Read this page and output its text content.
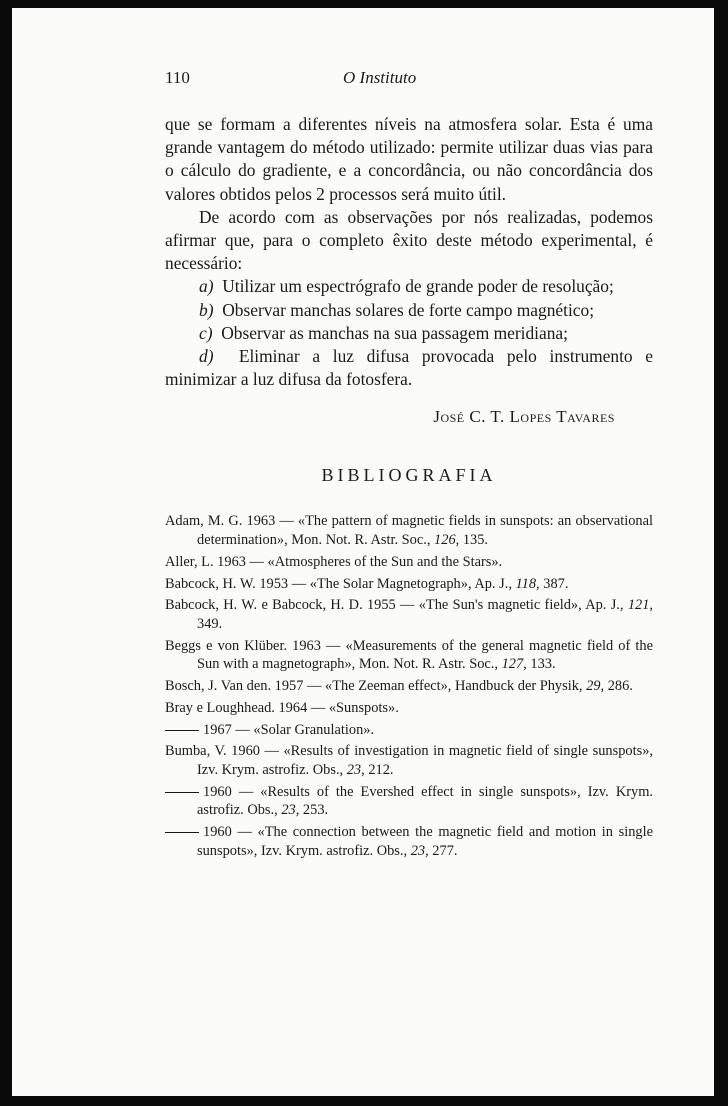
110	O Instituto

que se formam a diferentes níveis na atmosfera solar. Esta é uma grande vantagem do método utilizado: permite utilizar duas vias para o cálculo do gradiente, e a concordância, ou não concordância dos valores obtidos pelos 2 processos será muito útil.

De acordo com as observações por nós realizadas, podemos afirmar que, para o completo êxito deste método experimental, é necessário:

a) Utilizar um espectrógrafo de grande poder de resolução;

b) Observar manchas solares de forte campo magnético;

c) Observar as manchas na sua passagem meridiana;

d) Eliminar a luz difusa provocada pelo instrumento e minimizar a luz difusa da fotosfera.

José C. T. Lopes Tavares
BIBLIOGRAFIA
Adam, M. G. 1963 — «The pattern of magnetic fields in sunspots: an observational determination», Mon. Not. R. Astr. Soc., 126, 135.
Aller, L. 1963 — «Atmospheres of the Sun and the Stars».
Babcock, H. W. 1953 — «The Solar Magnetograph», Ap. J., 118, 387.
Babcock, H. W. e Babcock, H. D. 1955 — «The Sun's magnetic field», Ap. J., 121, 349.
Beggs e von Klüber. 1963 — «Measurements of the general magnetic field of the Sun with a magnetograph», Mon. Not. R. Astr. Soc., 127, 133.
Bosch, J. Van den. 1957 — «The Zeeman effect», Handbuck der Physik, 29, 286.
Bray e Loughhead. 1964 — «Sunspots».
1967 — «Solar Granulation».
Bumba, V. 1960 — «Results of investigation in magnetic field of single sunspots», Izv. Krym. astrofiz. Obs., 23, 212.
1960 — «Results of the Evershed effect in single sunspots», Izv. Krym. astrofiz. Obs., 23, 253.
1960 — «The connection between the magnetic field and motion in single sunspots», Izv. Krym. astrofiz. Obs., 23, 277.
